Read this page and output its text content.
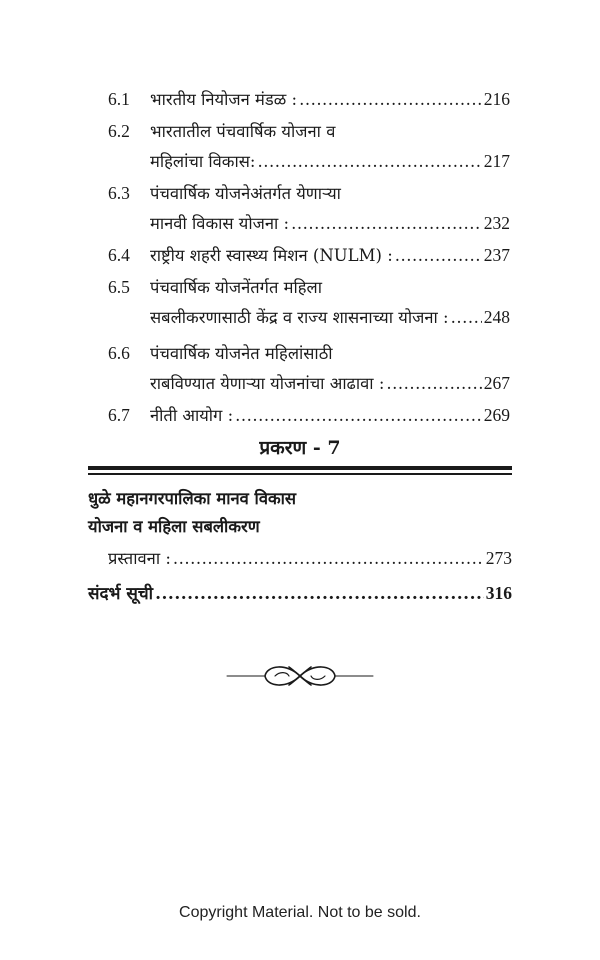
6.1	भारतीय नियोजन मंडळ : .....	216
6.2	भारतातील पंचवार्षिक योजना व
महिलांचा विकास: .....	217
6.3	पंचवार्षिक योजनेअंतर्गत येणाऱ्या
मानवी विकास योजना : .....	232
6.4	राष्ट्रीय शहरी स्वास्थ्य मिशन (NULM) : .....	237
6.5	पंचवार्षिक योजनेंतर्गत महिला
सबलीकरणासाठी केंद्र व राज्य शासनाच्या योजना : ..... 248
6.6	पंचवार्षिक योजनेत महिलांसाठी
राबविण्यात येणाऱ्या योजनांचा आढावा : .....	267
6.7	नीती आयोग : .....	269
प्रकरण - 7
धुळे महानगरपालिका मानव विकास
योजना व महिला सबलीकरण
प्रस्तावना : .....	273
संदर्भ सूची .....	316
Copyright Material. Not to be sold.
